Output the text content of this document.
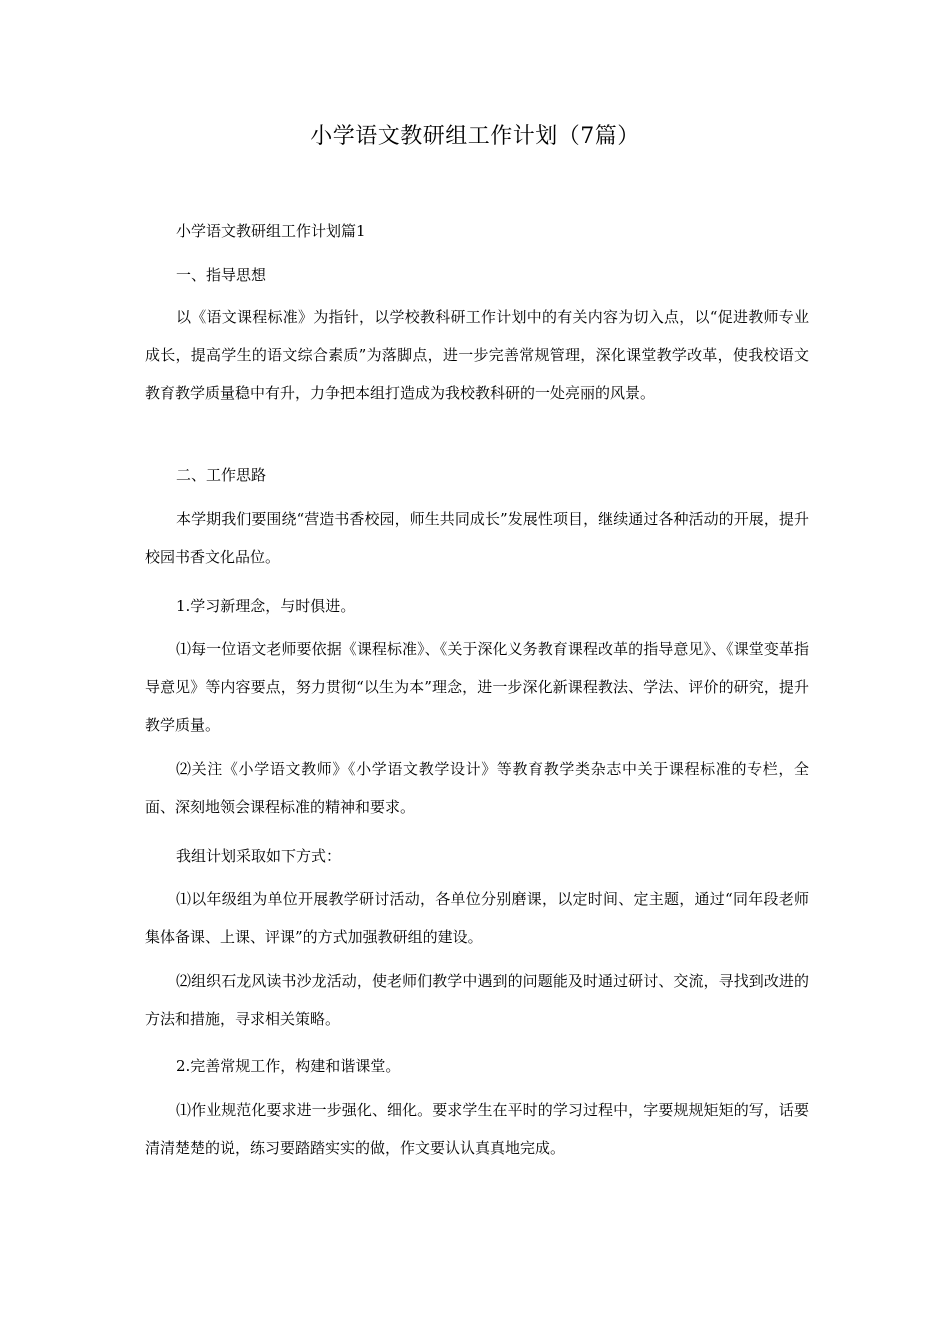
小学语文教研组工作计划（7篇）

小学语文教研组工作计划篇1

一、指导思想

以《语文课程标准》为指针，以学校教科研工作计划中的有关内容为切入点，以“促进教师专业成长，提高学生的语文综合素质”为落脚点，进一步完善常规管理，深化课堂教学改革，使我校语文教育教学质量稳中有升，力争把本组打造成为我校教科研的一处亮丽的风景。

二、工作思路

本学期我们要围绕“营造书香校园，师生共同成长”发展性项目，继续通过各种活动的开展，提升校园书香文化品位。

1.学习新理念，与时俱进。

⑴每一位语文老师要依据《课程标准》、《关于深化义务教育课程改革的指导意见》、《课堂变革指导意见》等内容要点，努力贯彻“以生为本”理念，进一步深化新课程教法、学法、评价的研究，提升教学质量。

⑵关注《小学语文教师》《小学语文教学设计》等教育教学类杂志中关于课程标准的专栏，全面、深刻地领会课程标准的精神和要求。

我组计划采取如下方式：

⑴以年级组为单位开展教学研讨活动，各单位分别磨课，以定时间、定主题，通过“同年段老师集体备课、上课、评课”的方式加强教研组的建设。

⑵组织石龙风读书沙龙活动，使老师们教学中遇到的问题能及时通过研讨、交流，寻找到改进的方法和措施，寻求相关策略。

2.完善常规工作，构建和谐课堂。

⑴作业规范化要求进一步强化、细化。要求学生在平时的学习过程中，字要规规矩矩的写，话要清清楚楚的说，练习要踏踏实实的做，作文要认认真真地完成。
